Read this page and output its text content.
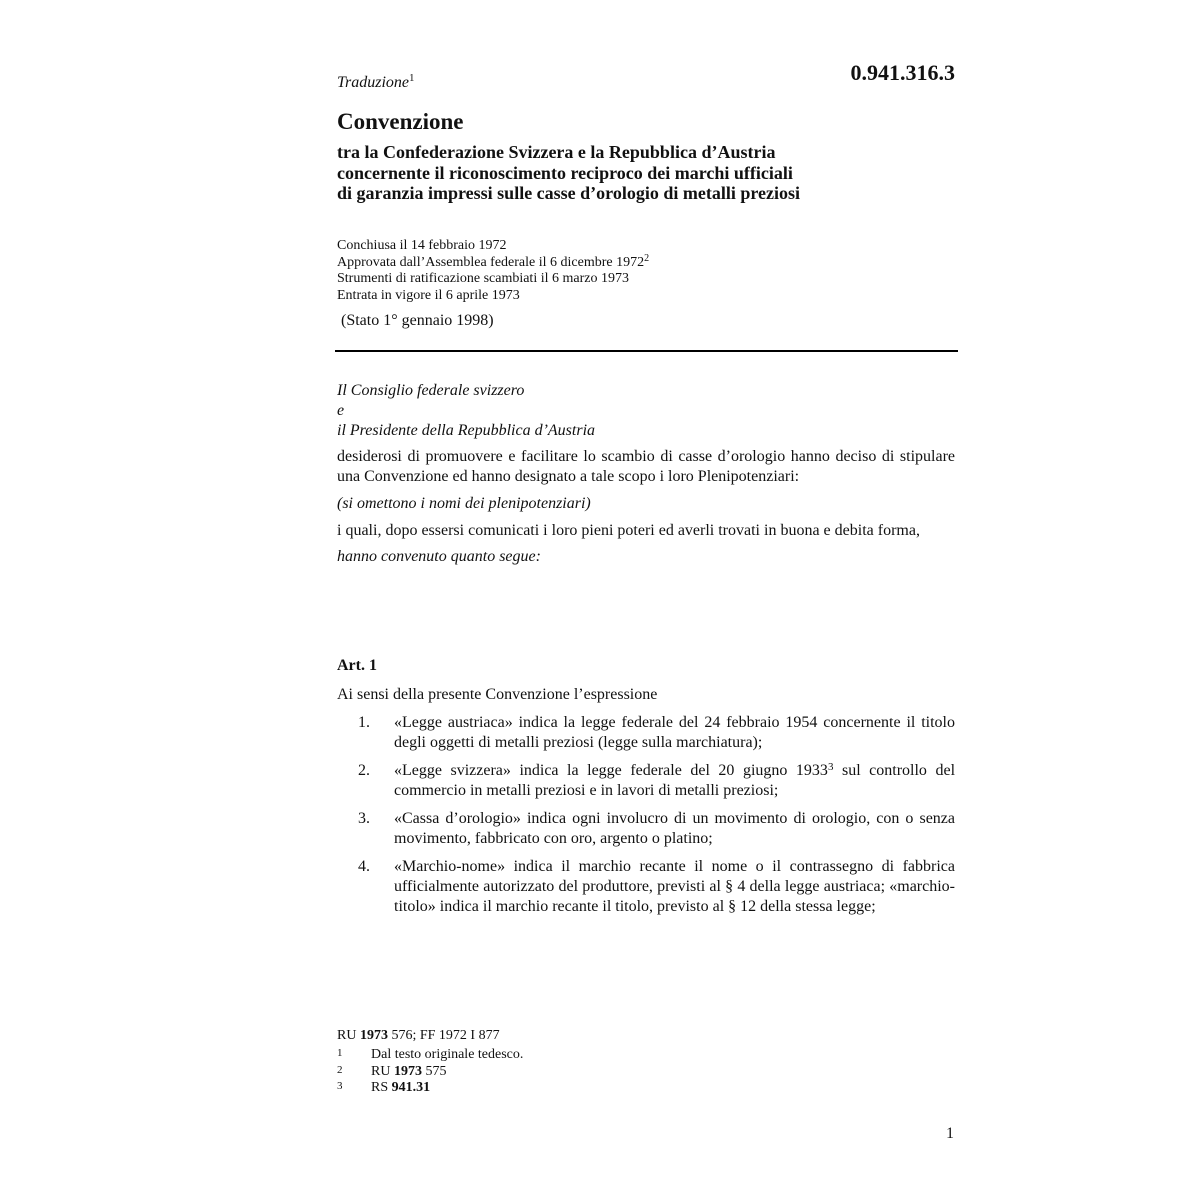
Traduzione$^1$	0.941.316.3
Convenzione
tra la Confederazione Svizzera e la Repubblica d’Austria
concernente il riconoscimento reciproco dei marchi ufficiali
di garanzia impressi sulle casse d’orologio di metalli preziosi
Conchiusa il 14 febbraio 1972
Approvata dall’Assemblea federale il 6 dicembre 1972$^2$
Strumenti di ratificazione scambiati il 6 marzo 1973
Entrata in vigore il 6 aprile 1973
(Stato 1° gennaio 1998)

Il Consiglio federale svizzero

e

il Presidente della Repubblica d’Austria

desiderosi di promuovere e facilitare lo scambio di casse d’orologio hanno deciso di stipulare una Convenzione ed hanno designato a tale scopo i loro Plenipotenziari:

(si omettono i nomi dei plenipotenziari)

i quali, dopo essersi comunicati i loro pieni poteri ed averli trovati in buona e debita forma,

hanno convenuto quanto segue:

Art. 1
Ai sensi della presente Convenzione l’espressione
1.	«Legge austriaca» indica la legge federale del 24 febbraio 1954 concernente il titolo degli oggetti di metalli preziosi (legge sulla marchiatura);
2.	«Legge svizzera» indica la legge federale del 20 giugno 1933$^3$ sul controllo del commercio in metalli preziosi e in lavori di metalli preziosi;
3.	«Cassa d’orologio» indica ogni involucro di un movimento di orologio, con o senza movimento, fabbricato con oro, argento o platino;
4.	«Marchio-nome» indica il marchio recante il nome o il contrassegno di fabbrica ufficialmente autorizzato del produttore, previsti al § 4 della legge austriaca; «marchio-titolo» indica il marchio recante il titolo, previsto al § 12 della stessa legge;
RU 1973 576; FF 1972 I 877
1	Dal testo originale tedesco.
2	RU 1973 575
3	RS 941.31
1
